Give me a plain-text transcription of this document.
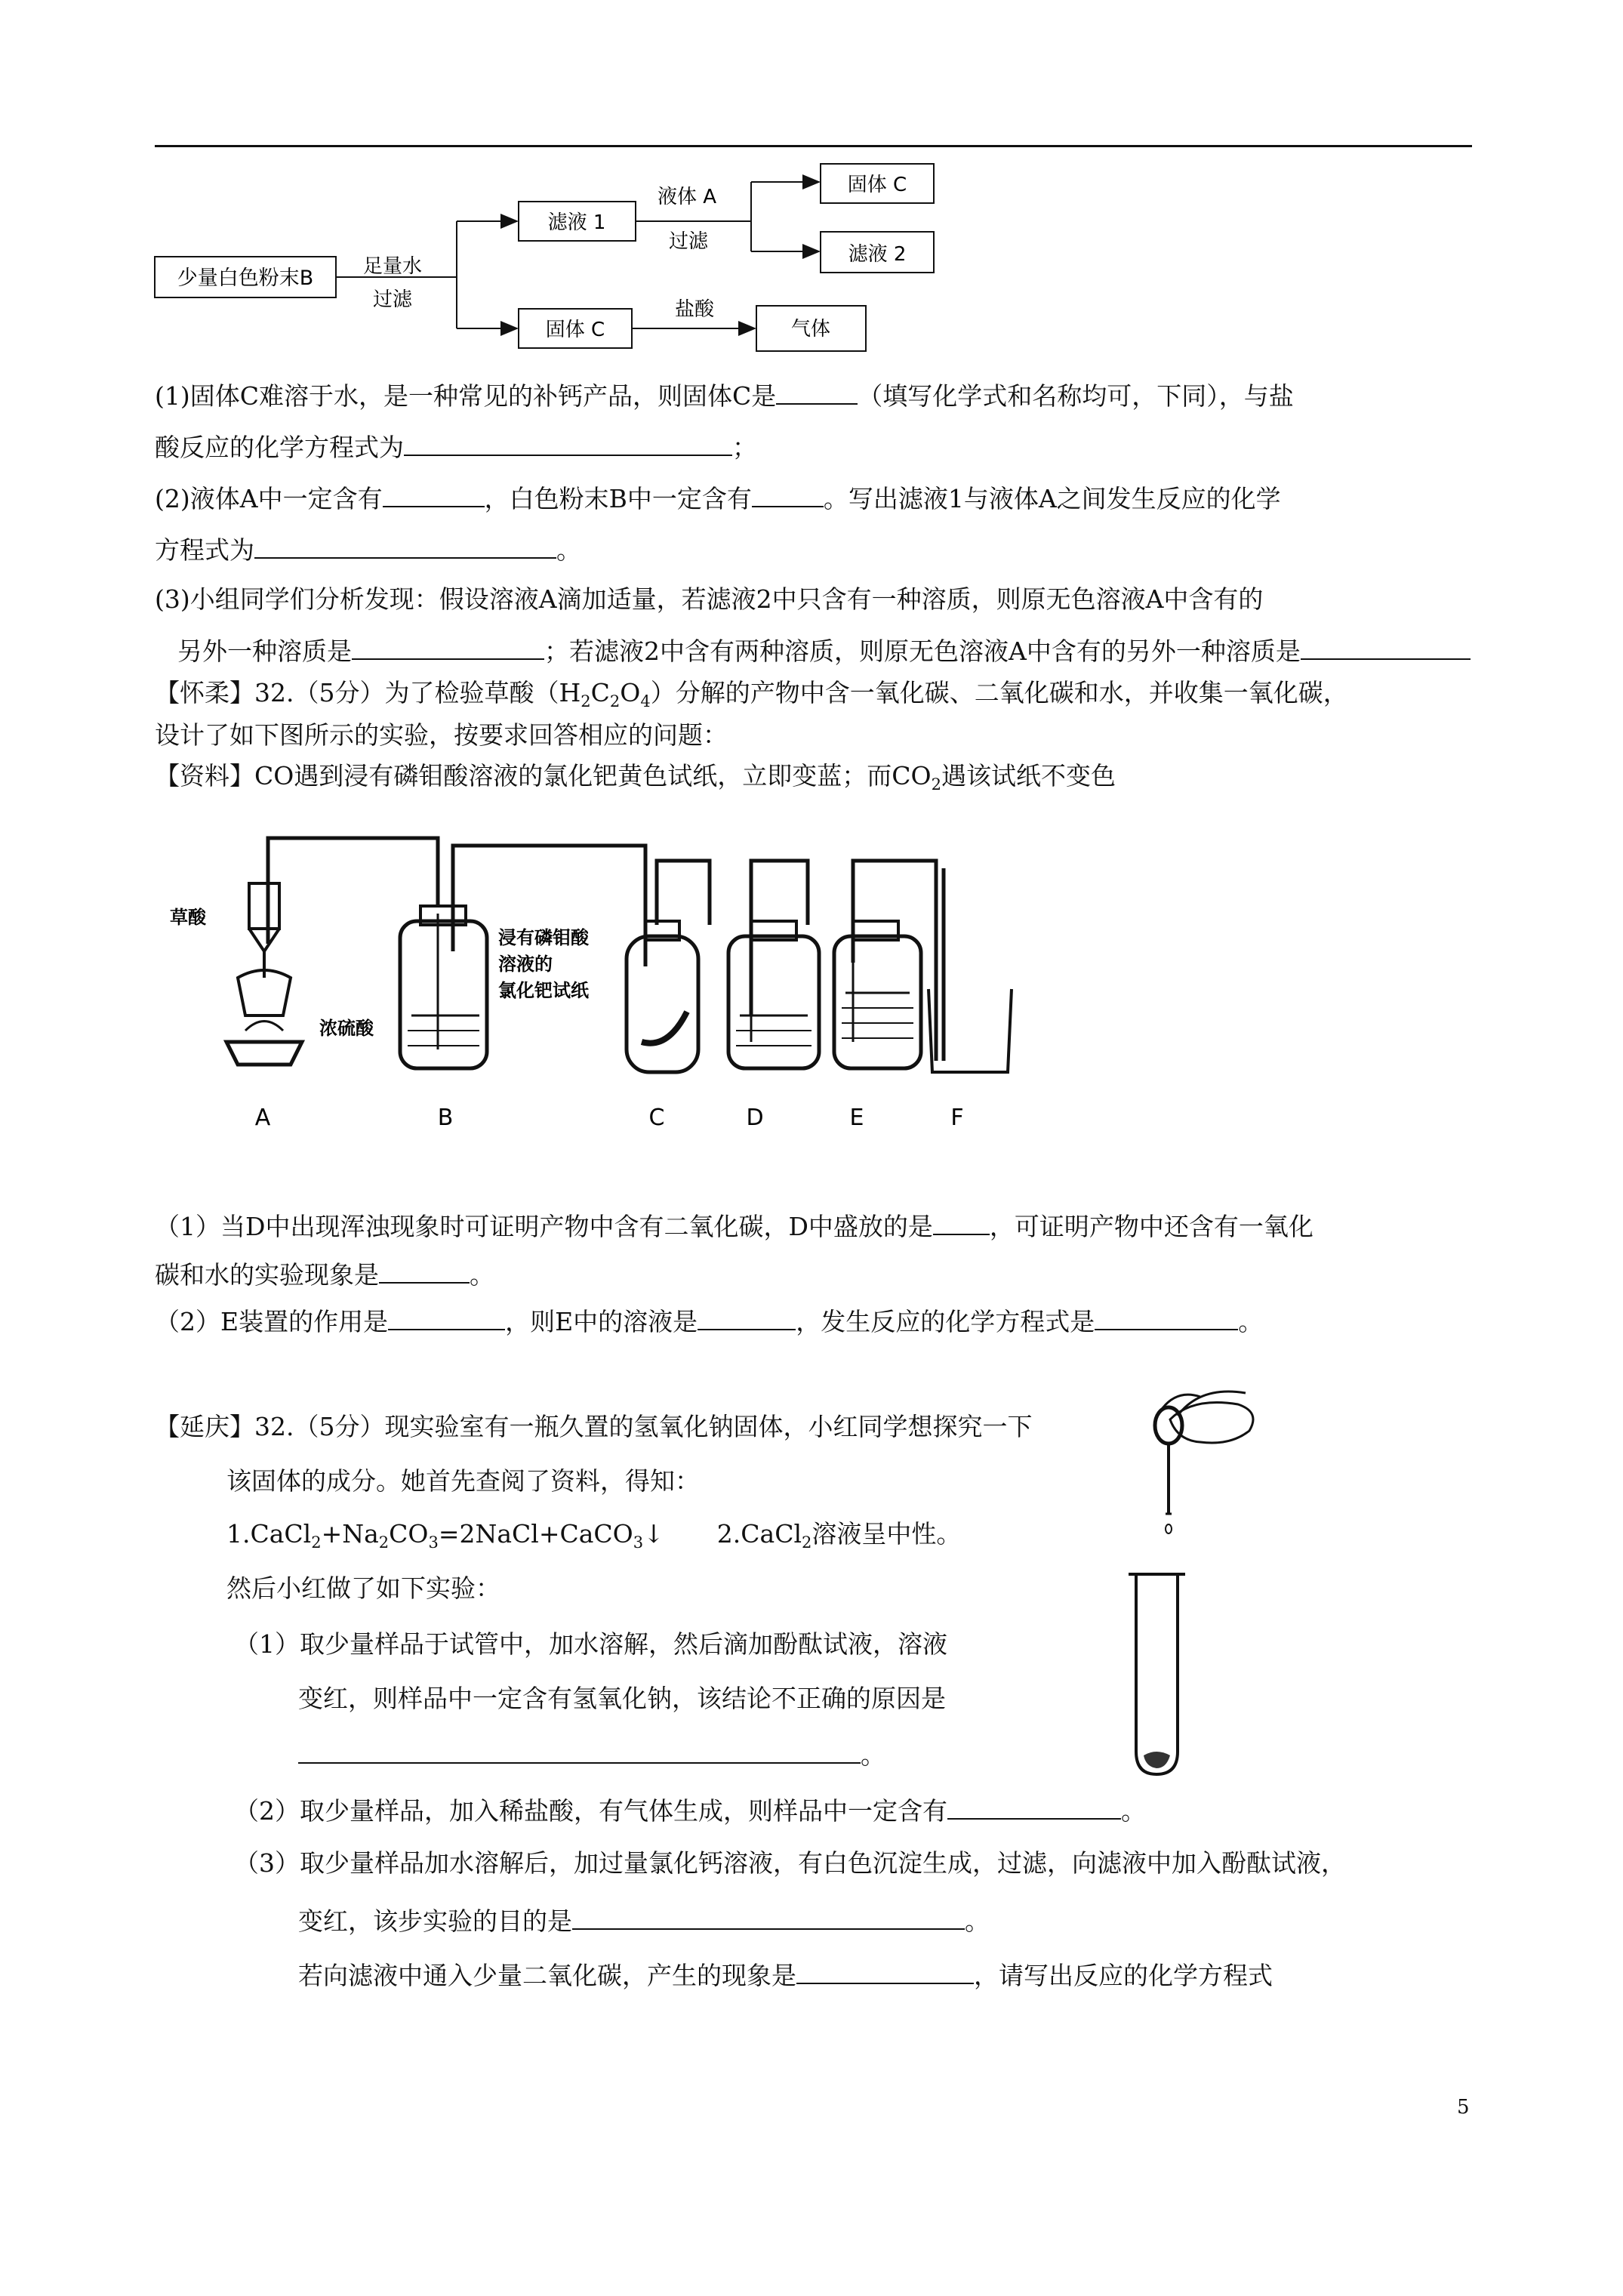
少量白色粉末B	足量水
过滤
滤液 1
固体 C
液体 A
过滤
固体 C
滤液 2
盐酸
气体
(1)固体C难溶于水，是一种常见的补钙产品，则固体C是	（填写化学式和名称均可，下同），与盐
酸反应的化学方程式为	；
(2)液体A中一定含有	，白色粉末B中一定含有	。写出滤液1与液体A之间发生反应的化学
方程式为	。
(3)小组同学们分析发现：假设溶液A滴加适量，若滤液2中只含有一种溶质，则原无色溶液A中含有的
另外一种溶质是	；若滤液2中含有两种溶质，则原无色溶液A中含有的另外一种溶质是
【怀柔】32.（5分）为了检验草酸$(H_2C_2O_4)$分解的产物中含一氧化碳、二氧化碳和水，并收集一氧化碳，
设计了如下图所示的实验，按要求回答相应的问题：
【资料】CO遇到浸有磷钼酸溶液的氯化钯黄色试纸，立即变蓝；而$CO_2$遇该试纸不变色
草酸
浓硫酸
浸有磷钼酸
溶液的
氯化钯试纸
A	B	C	D	E	F
（1）当D中出现浑浊现象时可证明产物中含有二氧化碳，D中盛放的是 ，可证明产物中还含有一氧化
碳和水的实验现象是	。
（2）E装置的作用是	，则E中的溶液是	，发生反应的化学方程式是	。
【延庆】32.（5分）现实验室有一瓶久置的氢氧化钠固体，小红同学想探究一下
该固体的成分。她首先查阅了资料，得知：
$1.CaCl_2+Na_2CO_3=2NaCl+CaCO_3↓$ 2.CaCl$_2$溶液呈中性。
然后小红做了如下实验：
（1）取少量样品于试管中，加水溶解，然后滴加酚酞试液，溶液
变红，则样品中一定含有氢氧化钠，该结论不正确的原因是
。
（2）取少量样品，加入稀盐酸，有气体生成，则样品中一定含有	。
（3）取少量样品加水溶解后，加过量氯化钙溶液，有白色沉淀生成，过滤，向滤液中加入酚酞试液，
变红，该步实验的目的是	。
若向滤液中通入少量二氧化碳，产生的现象是	，请写出反应的化学方程式
5
